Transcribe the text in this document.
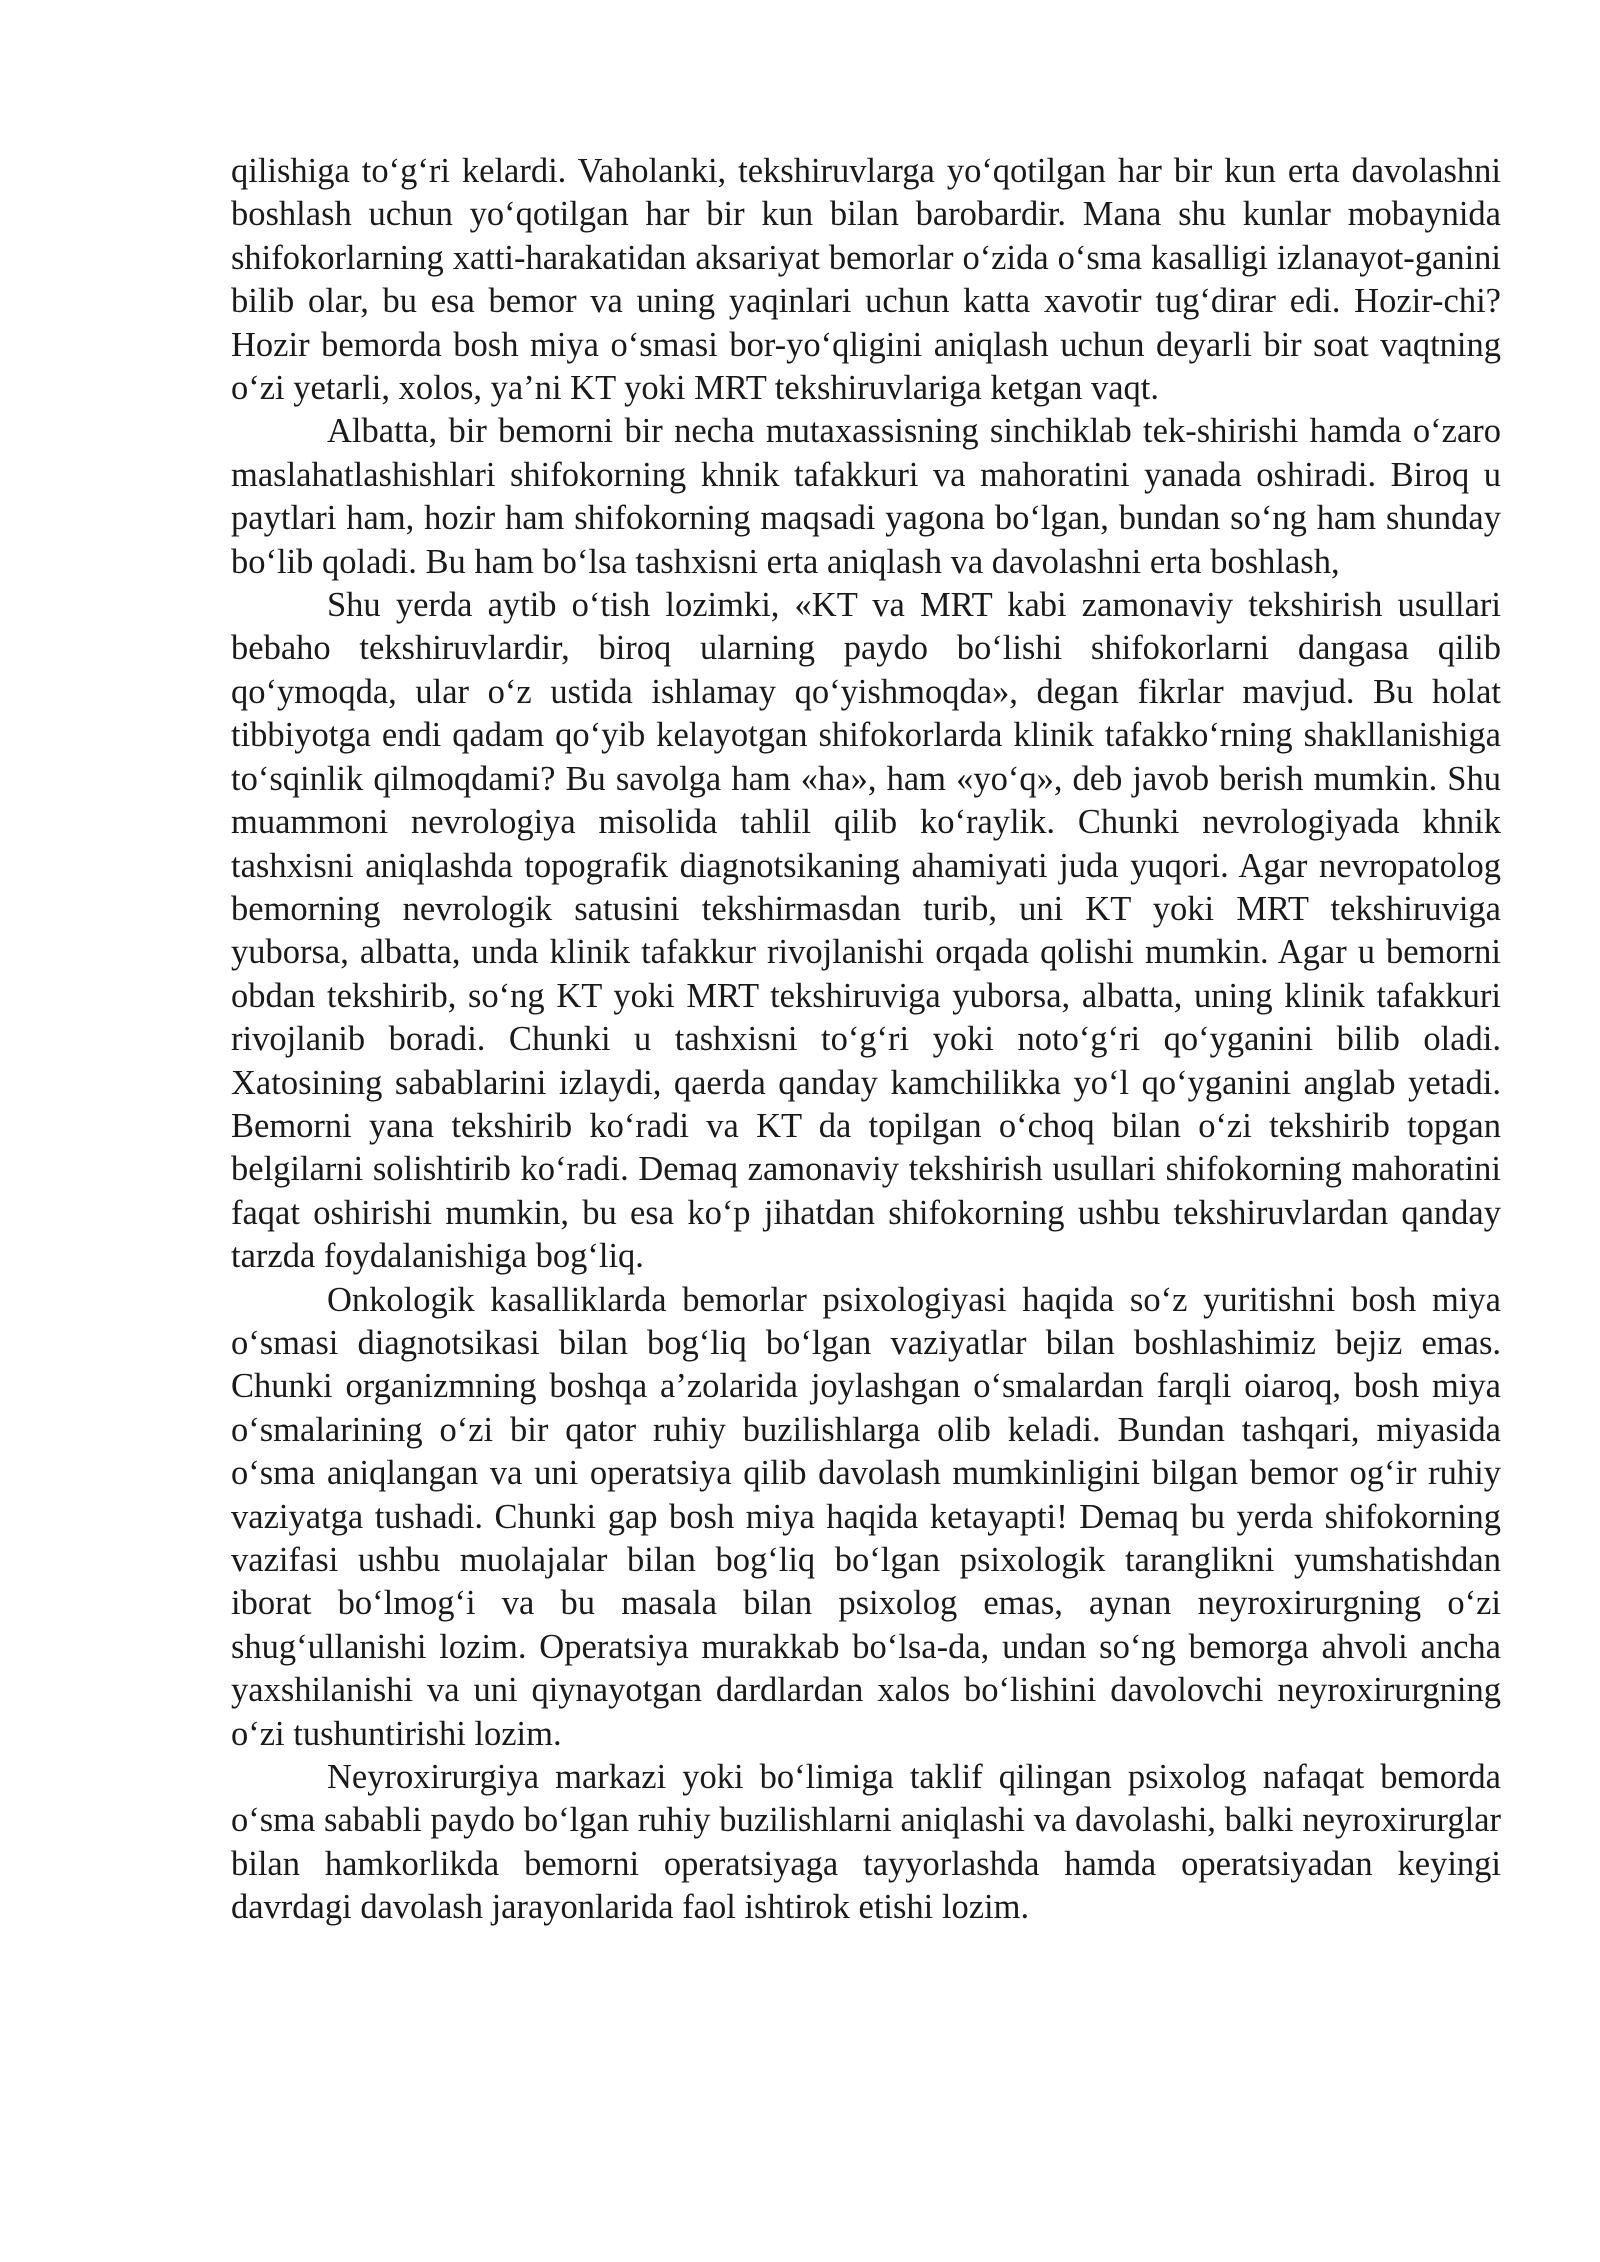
qilishiga to‘g‘ri kelardi. Vaholanki, tekshiruvlarga yo‘qotilgan har bir kun erta davolashni boshlash uchun yo‘qotilgan har bir kun bilan barobardir. Mana shu kunlar mobaynida shifokorlarning xatti-harakatidan aksariyat bemorlar o‘zida o‘sma kasalligi izlanayot-ganini bilib olar, bu esa bemor va uning yaqinlari uchun katta xavotir tug‘dirar edi. Hozir-chi? Hozir bemorda bosh miya o‘smasi bor-yo‘qligini aniqlash uchun deyarli bir soat vaqtning o‘zi yetarli, xolos, ya’ni KT yoki MRT tekshiruvlariga ketgan vaqt.

Albatta, bir bemorni bir necha mutaxassisning sinchiklab tek-shirishi hamda o‘zaro maslahatlashishlari shifokorning khnik tafakkuri va mahoratini yanada oshiradi. Biroq u paytlari ham, hozir ham shifokorning maqsadi yagona bo‘lgan, bundan so‘ng ham shunday bo‘lib qoladi. Bu ham bo‘lsa tashxisni erta aniqlash va davolashni erta boshlash,

Shu yerda aytib o‘tish lozimki, «KT va MRT kabi zamonaviy tekshirish usullari bebaho tekshiruvlardir, biroq ularning paydo bo‘lishi shifokorlarni dangasa qilib qo‘ymoqda, ular o‘z ustida ishlamay qo‘yishmoqda», degan fikrlar mavjud. Bu holat tibbiyotga endi qadam qo‘yib kelayotgan shifokorlarda klinik tafakko‘rning shakllanishiga to‘sqinlik qilmoqdami? Bu savolga ham «ha», ham «yo‘q», deb javob berish mumkin. Shu muammoni nevrologiya misolida tahlil qilib ko‘raylik. Chunki nevrologiyada khnik tashxisni aniqlashda topografik diagnotsikaning ahamiyati juda yuqori. Agar nevropatolog bemorning nevrologik satusini tekshirmasdan turib, uni KT yoki MRT tekshiruviga yuborsa, albatta, unda klinik tafakkur rivojlanishi orqada qolishi mumkin. Agar u bemorni obdan tekshirib, so‘ng KT yoki MRT tekshiruviga yuborsa, albatta, uning klinik tafakkuri rivojlanib boradi. Chunki u tashxisni to‘g‘ri yoki noto‘g‘ri qo‘yganini bilib oladi. Xatosining sabablarini izlaydi, qaerda qanday kamchilikka yo‘l qo‘yganini anglab yetadi. Bemorni yana tekshirib ko‘radi va KT da topilgan o‘choq bilan o‘zi tekshirib topgan belgilarni solishtirib ko‘radi. Demaq zamonaviy tekshirish usullari shifokorning mahoratini faqat oshirishi mumkin, bu esa ko‘p jihatdan shifokorning ushbu tekshiruvlardan qanday tarzda foydalanishiga bog‘liq.

Onkologik kasalliklarda bemorlar psixologiyasi haqida so‘z yuritishni bosh miya o‘smasi diagnotsikasi bilan bog‘liq bo‘lgan vaziyatlar bilan boshlashimiz bejiz emas. Chunki organizmning boshqa a’zolarida joylashgan o‘smalardan farqli oiaroq, bosh miya o‘smalarining o‘zi bir qator ruhiy buzilishlarga olib keladi. Bundan tashqari, miyasida o‘sma aniqlangan va uni operatsiya qilib davolash mumkinligini bilgan bemor og‘ir ruhiy vaziyatga tushadi. Chunki gap bosh miya haqida ketayapti! Demaq bu yerda shifokorning vazifasi ushbu muolajalar bilan bog‘liq bo‘lgan psixologik taranglikni yumshatishdan iborat bo‘lmog‘i va bu masala bilan psixolog emas, aynan neyroxirurgning o‘zi shug‘ullanishi lozim. Operatsiya murakkab bo‘lsa-da, undan so‘ng bemorga ahvoli ancha yaxshilanishi va uni qiynayotgan dardlardan xalos bo‘lishini davolovchi neyroxirurgning o‘zi tushuntirishi lozim.

Neyroxirurgiya markazi yoki bo‘limiga taklif qilingan psixolog nafaqat bemorda o‘sma sababli paydo bo‘lgan ruhiy buzilishlarni aniqlashi va davolashi, balki neyroxirurglar bilan hamkorlikda bemorni operatsiyaga tayyorlashda hamda operatsiyadan keyingi davrdagi davolash jarayonlarida faol ishtirok etishi lozim.
